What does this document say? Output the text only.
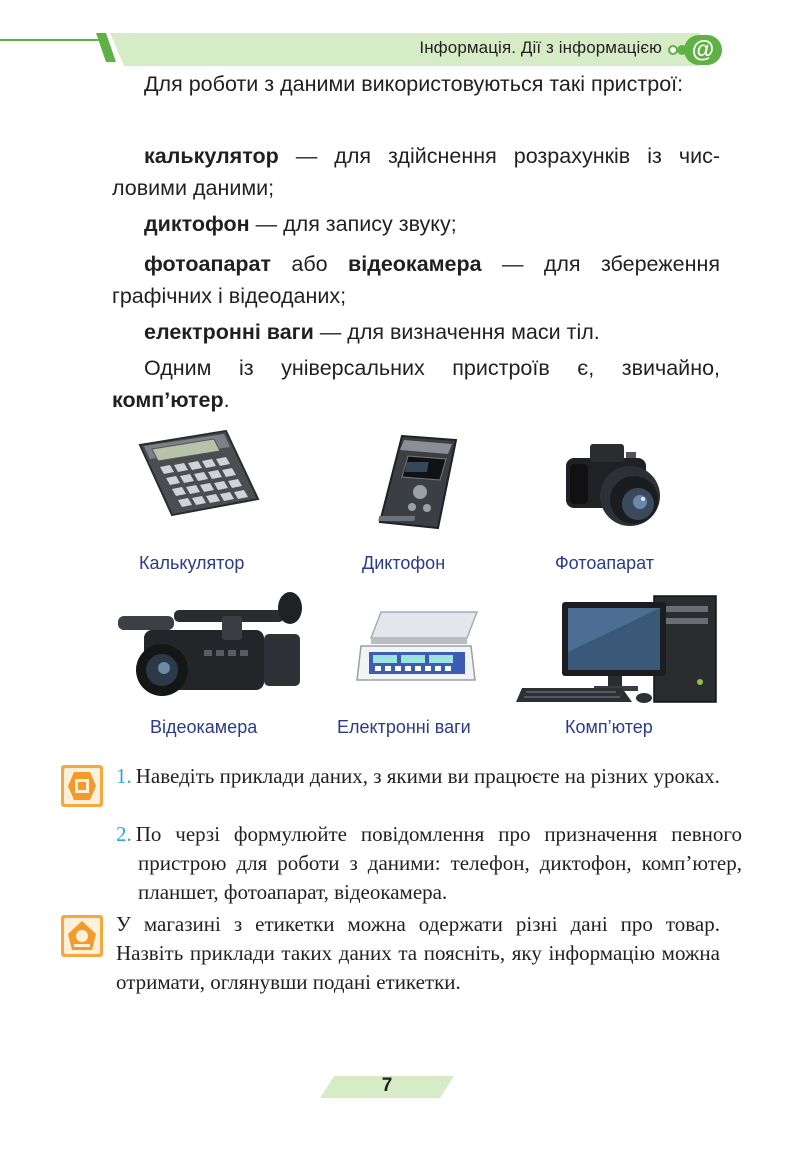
Інформація. Дії з інформацією	@

Для роботи з даними використовуються такі пристрої:

калькулятор — для здійснення розрахунків із числовими даними;

диктофон — для запису звуку;

фотоапарат або відеокамера — для збереження графічних і відеоданих;

електронні ваги — для визначення маси тіл.

Одним із універсальних пристроїв є, звичайно, комп’ютер.

Калькулятор	Диктофон	Фотоапарат
Відеокамера	Електронні ваги	Комп’ютер

1. Наведіть приклади даних, з якими ви працюєте на різних уроках.

2. По черзі формулюйте повідомлення про призначення певного пристрою для роботи з даними: телефон, диктофон, комп’ютер, планшет, фотоапарат, відеокамера.

У магазині з етикетки можна одержати різні дані про товар. Назвіть приклади таких даних та поясніть, яку інформацію можна отримати, оглянувши подані етикетки.

7
